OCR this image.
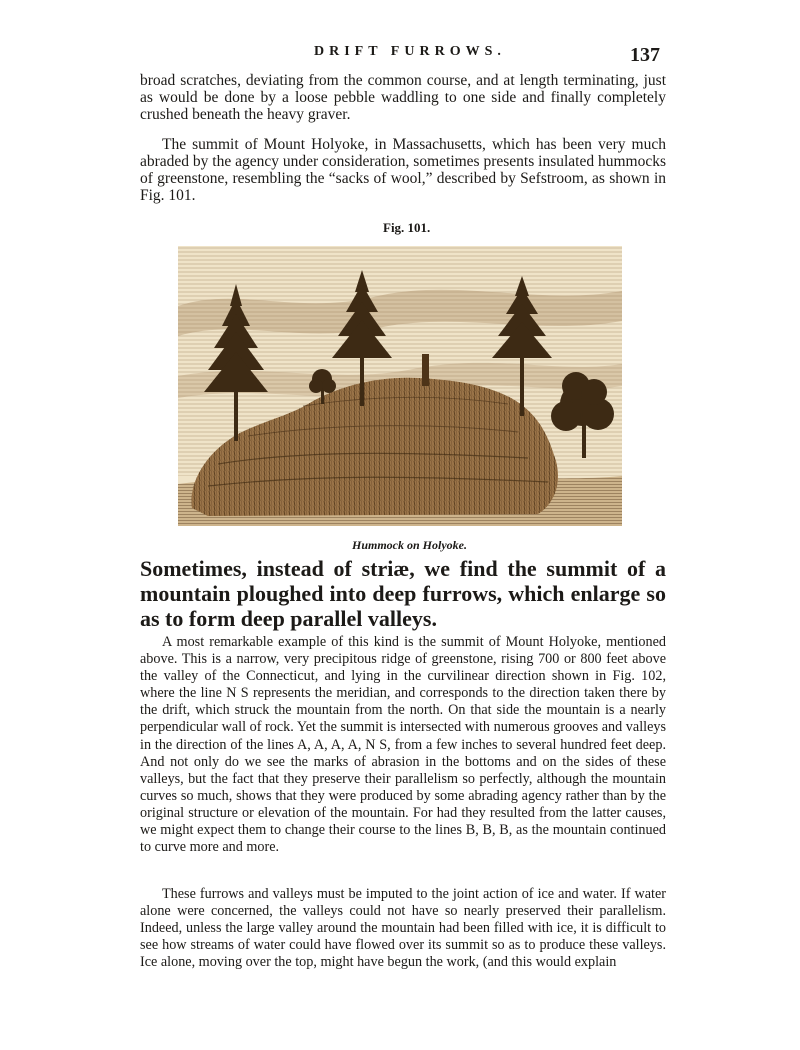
DRIFT FURROWS.	137

broad scratches, deviating from the common course, and at length terminating, just as would be done by a loose pebble waddling to one side and finally completely crushed beneath the heavy graver.

The summit of Mount Holyoke, in Massachusetts, which has been very much abraded by the agency under consideration, sometimes presents insulated hummocks of greenstone, resembling the “sacks of wool,” described by Sefstroom, as shown in Fig. 101.

Fig. 101.
Hummock on Holyoke.
Sometimes, instead of striæ, we find the summit of a mountain ploughed into deep furrows, which enlarge so as to form deep parallel valleys.

A most remarkable example of this kind is the summit of Mount Holyoke, mentioned above. This is a narrow, very precipitous ridge of greenstone, rising 700 or 800 feet above the valley of the Connecticut, and lying in the curvilinear direction shown in Fig. 102, where the line N S represents the meridian, and corresponds to the direction taken there by the drift, which struck the mountain from the north. On that side the mountain is a nearly perpendicular wall of rock. Yet the summit is intersected with numerous grooves and valleys in the direction of the lines A, A, A, A, N S, from a few inches to several hundred feet deep. And not only do we see the marks of abrasion in the bottoms and on the sides of these valleys, but the fact that they preserve their parallelism so perfectly, although the mountain curves so much, shows that they were produced by some abrading agency rather than by the original structure or elevation of the mountain. For had they resulted from the latter causes, we might expect them to change their course to the lines B, B, B, as the mountain continued to curve more and more.

These furrows and valleys must be imputed to the joint action of ice and water. If water alone were concerned, the valleys could not have so nearly preserved their parallelism. Indeed, unless the large valley around the mountain had been filled with ice, it is difficult to see how streams of water could have flowed over its summit so as to produce these valleys. Ice alone, moving over the top, might have begun the work, (and this would explain
